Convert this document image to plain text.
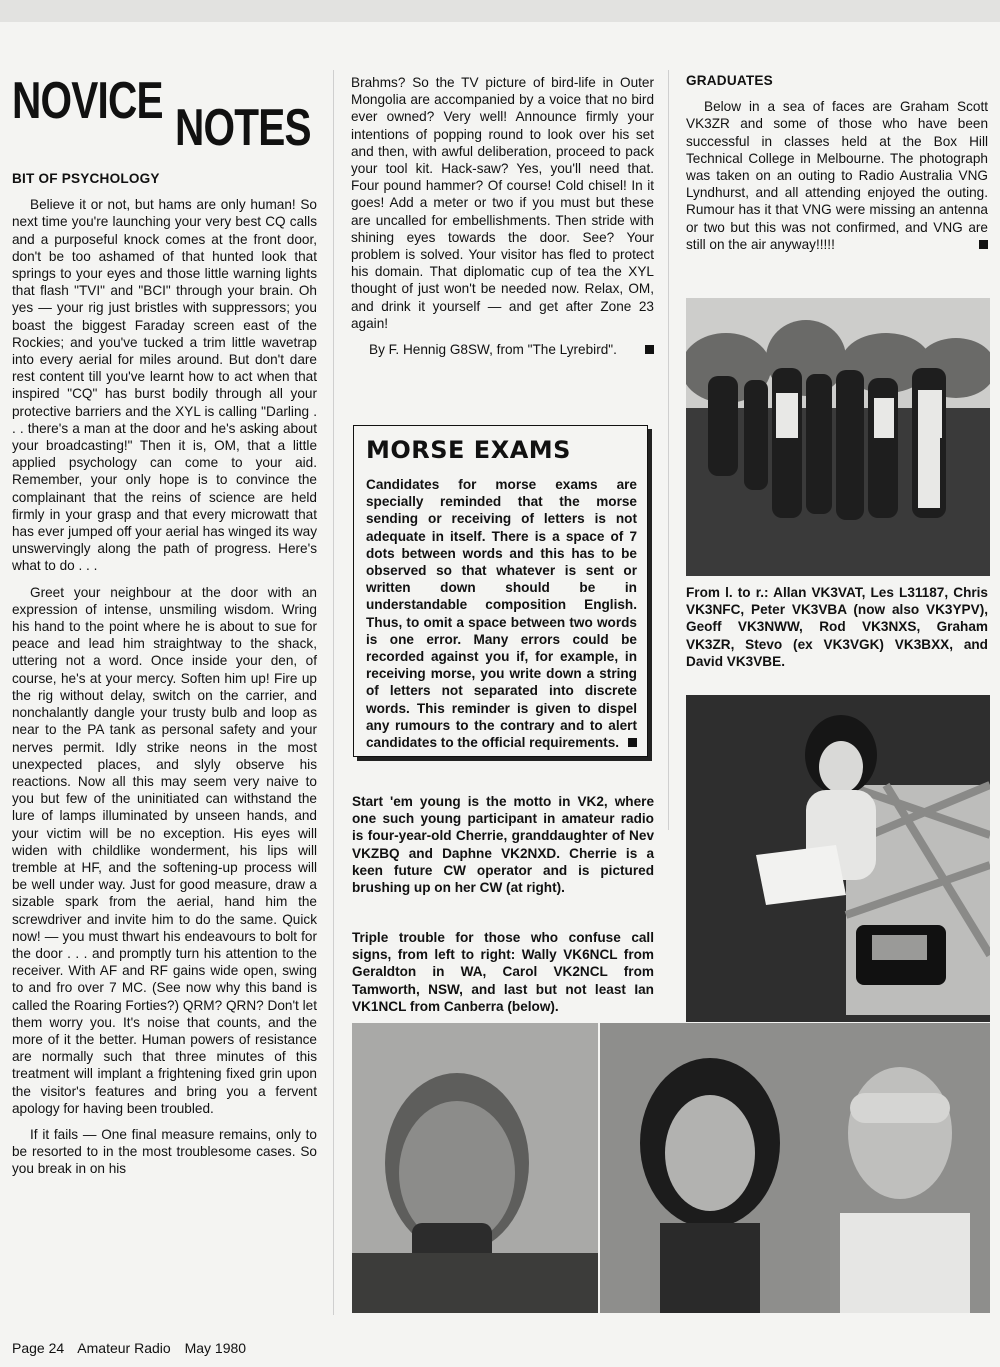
NOVICE NOTES

BIT OF PSYCHOLOGY

Believe it or not, but hams are only human! So next time you're launching your very best CQ calls and a purposeful knock comes at the front door, don't be too ashamed of that hunted look that springs to your eyes and those little warning lights that flash "TVI" and "BCI" through your brain. Oh yes — your rig just bristles with suppressors; you boast the biggest Faraday screen east of the Rockies; and you've tucked a trim little wavetrap into every aerial for miles around. But don't dare rest content till you've learnt how to act when that inspired "CQ" has burst bodily through all your protective barriers and the XYL is calling "Darling . . . there's a man at the door and he's asking about your broadcasting!" Then it is, OM, that a little applied psychology can come to your aid. Remember, your only hope is to convince the complainant that the reins of science are held firmly in your grasp and that every microwatt that has ever jumped off your aerial has winged its way unswervingly along the path of progress. Here's what to do . . .

Greet your neighbour at the door with an expression of intense, unsmiling wisdom. Wring his hand to the point where he is about to sue for peace and lead him straightway to the shack, uttering not a word. Once inside your den, of course, he's at your mercy. Soften him up! Fire up the rig without delay, switch on the carrier, and nonchalantly dangle your trusty bulb and loop as near to the PA tank as personal safety and your nerves permit. Idly strike neons in the most unexpected places, and slyly observe his reactions. Now all this may seem very naive to you but few of the uninitiated can withstand the lure of lamps illuminated by unseen hands, and your victim will be no exception. His eyes will widen with childlike wonderment, his lips will tremble at HF, and the softening-up process will be well under way. Just for good measure, draw a sizable spark from the aerial, hand him the screwdriver and invite him to do the same. Quick now! — you must thwart his endeavours to bolt for the door . . . and promptly turn his attention to the receiver. With AF and RF gains wide open, swing to and fro over 7 MC. (See now why this band is called the Roaring Forties?) QRM? QRN? Don't let them worry you. It's noise that counts, and the more of it the better. Human powers of resistance are normally such that three minutes of this treatment will implant a frightening fixed grin upon the visitor's features and bring you a fervent apology for having been troubled.

If it fails — One final measure remains, only to be resorted to in the most troublesome cases. So you break in on his

Brahms? So the TV picture of bird-life in Outer Mongolia are accompanied by a voice that no bird ever owned? Very well! Announce firmly your intentions of popping round to look over his set and then, with awful deliberation, proceed to pack your tool kit. Hack-saw? Yes, you'll need that. Four pound hammer? Of course! Cold chisel! In it goes! Add a meter or two if you must but these are uncalled for embellishments. Then stride with shining eyes towards the door. See? Your problem is solved. Your visitor has fled to protect his domain. That diplomatic cup of tea the XYL thought of just won't be needed now. Relax, OM, and drink it yourself — and get after Zone 23 again!

By F. Hennig G8SW, from "The Lyrebird".

MORSE EXAMS
Candidates for morse exams are specially reminded that the morse sending or receiving of letters is not adequate in itself. There is a space of 7 dots between words and this has to be observed so that whatever is sent or written down should be in understandable composition English. Thus, to omit a space between two words is one error. Many errors could be recorded against you if, for example, in receiving morse, you write down a string of letters not separated into discrete words. This reminder is given to dispel any rumours to the contrary and to alert candidates to the official requirements.
Start 'em young is the motto in VK2, where one such young participant in amateur radio is four-year-old Cherrie, granddaughter of Nev VKZBQ and Daphne VK2NXD. Cherrie is a keen future CW operator and is pictured brushing up on her CW (at right).
Triple trouble for those who confuse call signs, from left to right: Wally VK6NCL from Geraldton in WA, Carol VK2NCL from Tamworth, NSW, and last but not least Ian VK1NCL from Canberra (below).

GRADUATES

Below in a sea of faces are Graham Scott VK3ZR and some of those who have been successful in classes held at the Box Hill Technical College in Melbourne. The photograph was taken on an outing to Radio Australia VNG Lyndhurst, and all attending enjoyed the outing. Rumour has it that VNG were missing an antenna or two but this was not confirmed, and VNG are still on the air anyway!!!!!

From l. to r.: Allan VK3VAT, Les L31187, Chris VK3NFC, Peter VK3VBA (now also VK3YPV), Geoff VK3NWW, Rod VK3NXS, Graham VK3ZR, Stevo (ex VK3VGK) VK3BXX, and David VK3VBE.
Page 24 Amateur Radio May 1980
